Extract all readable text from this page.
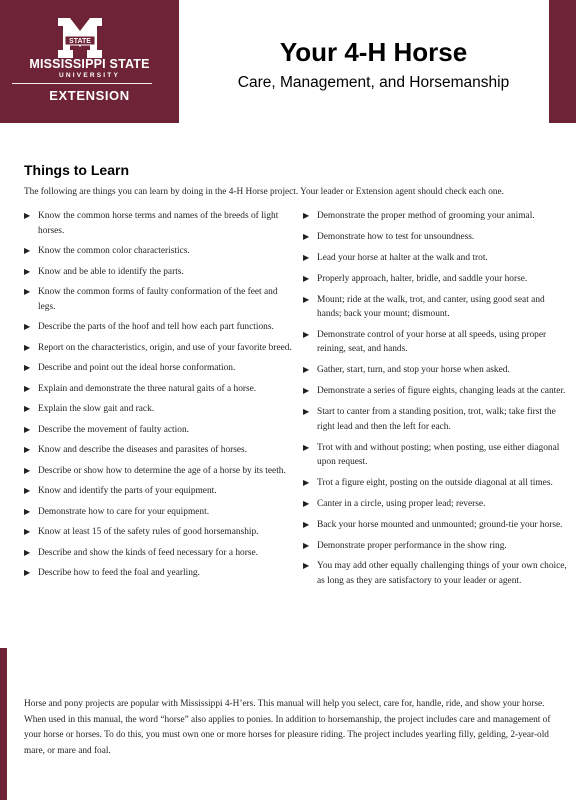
STATE
MISSISSIPPI STATE
UNIVERSITY
EXTENSION
Your 4-H Horse
Care, Management, and Horsemanship
Things to Learn
The following are things you can learn by doing in the 4-H Horse project. Your leader or Extension agent should check each one.
▶ Know the common horse terms and names of the breeds of light horses.
▶ Know the common color characteristics.
▶ Know and be able to identify the parts.
▶ Know the common forms of faulty conformation of the feet and legs.
▶ Describe the parts of the hoof and tell how each part functions.
▶ Report on the characteristics, origin, and use of your favorite breed.
▶ Describe and point out the ideal horse conformation.
▶ Explain and demonstrate the three natural gaits of a horse.
▶ Explain the slow gait and rack.
▶ Describe the movement of faulty action.
▶ Know and describe the diseases and parasites of horses.
▶ Describe or show how to determine the age of a horse by its teeth.
▶ Know and identify the parts of your equipment.
▶ Demonstrate how to care for your equipment.
▶ Know at least 15 of the safety rules of good horsemanship.
▶ Describe and show the kinds of feed necessary for a horse.
▶ Describe how to feed the foal and yearling.
▶ Demonstrate the proper method of grooming your animal.
▶ Demonstrate how to test for unsoundness.
▶ Lead your horse at halter at the walk and trot.
▶ Properly approach, halter, bridle, and saddle your horse.
▶ Mount; ride at the walk, trot, and canter, using good seat and hands; back your mount; dismount.
▶ Demonstrate control of your horse at all speeds, using proper reining, seat, and hands.
▶ Gather, start, turn, and stop your horse when asked.
▶ Demonstrate a series of figure eights, changing leads at the canter.
▶ Start to canter from a standing position, trot, walk; take first the right lead and then the left for each.
▶ Trot with and without posting; when posting, use either diagonal upon request.
▶ Trot a figure eight, posting on the outside diagonal at all times.
▶ Canter in a circle, using proper lead; reverse.
▶ Back your horse mounted and unmounted; ground-tie your horse.
▶ Demonstrate proper performance in the show ring.
▶ You may add other equally challenging things of your own choice, as long as they are satisfactory to your leader or agent.
Horse and pony projects are popular with Mississippi 4-H’ers. This manual will help you select, care for, handle, ride, and show your horse. When used in this manual, the word “horse” also applies to ponies. In addition to horsemanship, the project includes care and management of your horse or horses. To do this, you must own one or more horses for pleasure riding. The project includes yearling filly, gelding, 2-year-old mare, or mare and foal.
